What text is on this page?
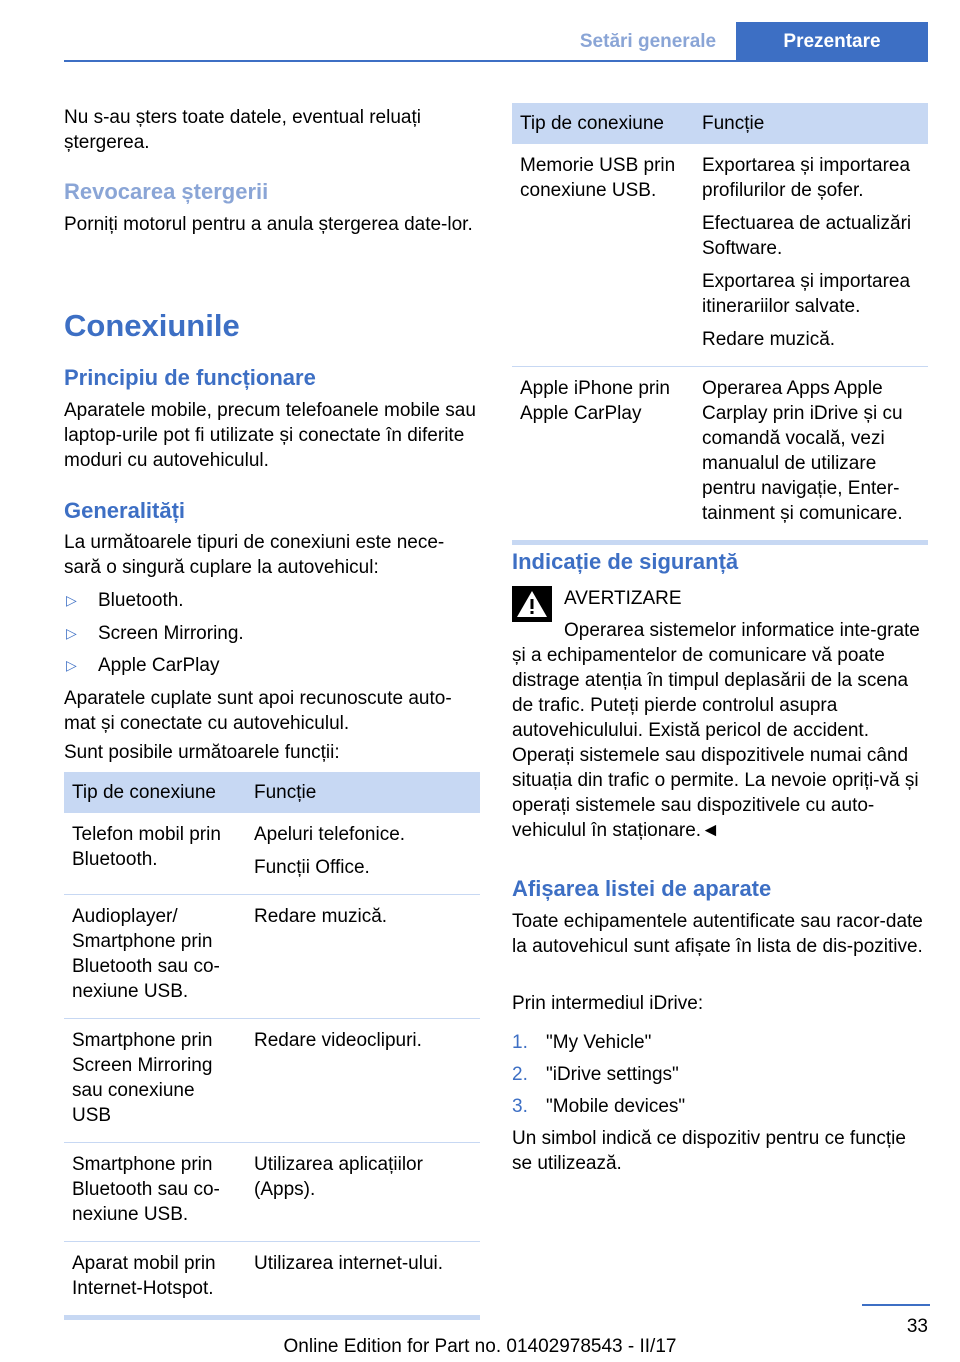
Setări generale	Prezentare

Nu s-au șters toate datele, eventual reluați ștergerea.

Revocarea ștergerii

Porniți motorul pentru a anula ștergerea date‐lor.

Conexiunile
Principiu de funcționare

Aparatele mobile, precum telefoanele mobile sau laptop-urile pot fi utilizate și conectate în diferite moduri cu autovehiculul.

Generalități

La următoarele tipuri de conexiuni este nece‐sară o singură cuplare la autovehicul:

▷ Bluetooth.
▷ Screen Mirroring.
▷ Apple CarPlay

Aparatele cuplate sunt apoi recunoscute auto‐mat și conectate cu autovehiculul.

Sunt posibile următoarele funcții:

Tip de conexiune	Funcție

Telefon mobil prin Bluetooth.	Apeluri telefonice.

Funcții Office.

Audioplayer/ Smartphone prin Bluetooth sau co‐nexiune USB.	Redare muzică.

Smartphone prin Screen Mirroring sau conexiune USB	Redare videoclipuri.

Smartphone prin Bluetooth sau co‐nexiune USB.	Utilizarea aplicațiilor (Apps).

Aparat mobil prin Internet-Hotspot.	Utilizarea internet-ului.

Tip de conexiune	Funcție

Memorie USB prin conexiune USB.	Exportarea și importarea profilurilor de șofer.

Efectuarea de actualizări Software.

Exportarea și importarea itinerariilor salvate.

Redare muzică.

Apple iPhone prin Apple CarPlay	Operarea Apps Apple Carplay prin iDrive și cu comandă vocală, vezi manualul de utilizare pentru navigație, Enter‐tainment și comunicare.

Indicație de siguranță

AVERTIZARE

Operarea sistemelor informatice inte‐grate și a echipamentelor de comunicare vă poate distrage atenția în timpul deplasării de la scena de trafic. Puteți pierde controlul asupra autovehiculului. Există pericol de accident. Operați sistemele sau dispozitivele numai când situația din trafic o permite. La nevoie opriți-vă și operați sistemele sau dispozitivele cu auto‐vehiculul în staționare.◄

Afișarea listei de aparate

Toate echipamentele autentificate sau racor‐date la autovehicul sunt afișate în lista de dis‐pozitive.

Prin intermediul iDrive:

1. "My Vehicle"
2. "iDrive settings"
3. "Mobile devices"

Un simbol indică ce dispozitiv pentru ce funcție se utilizează.

33
Online Edition for Part no. 01402978543 - II/17
